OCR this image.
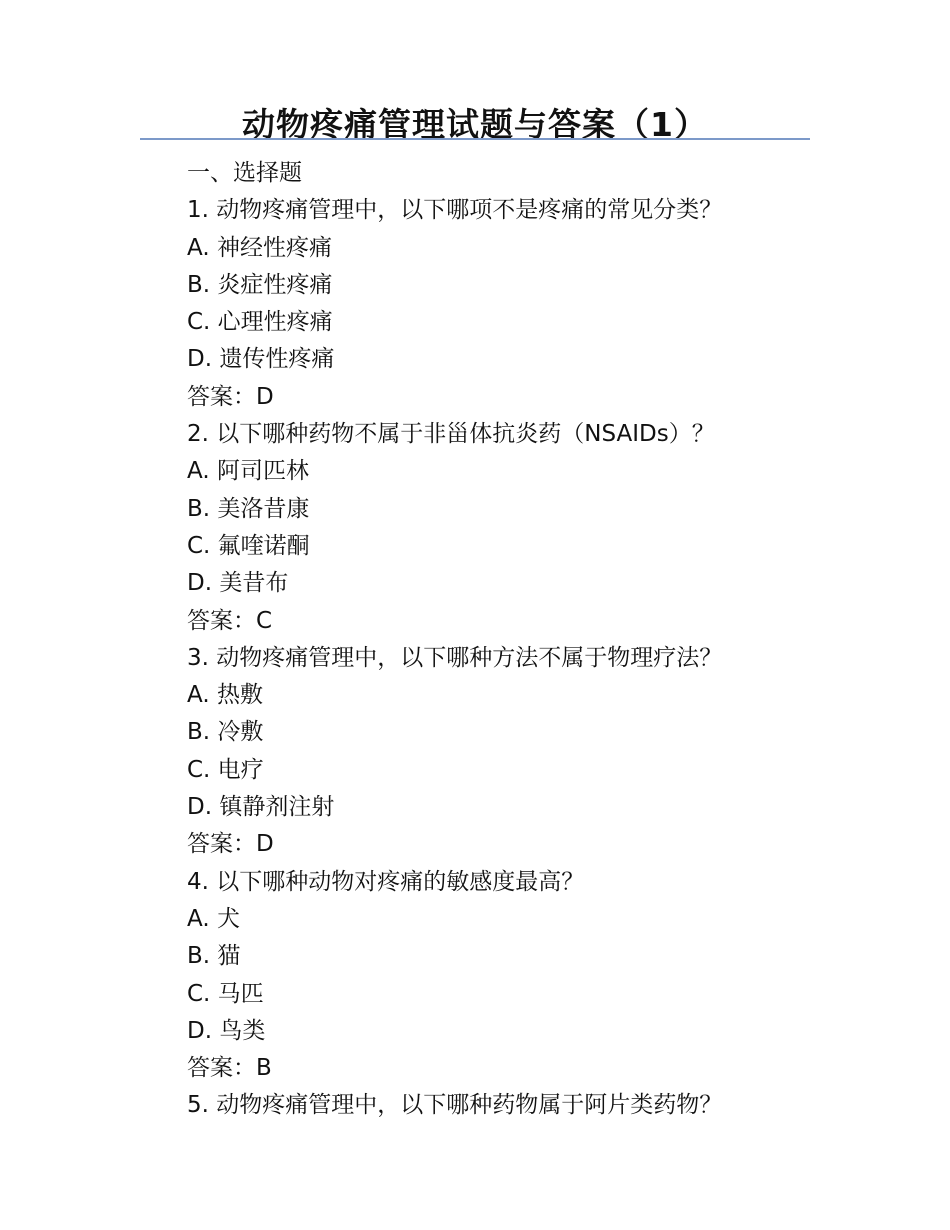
动物疼痛管理试题与答案（1）
一、选择题
1. 动物疼痛管理中，以下哪项不是疼痛的常见分类？
A. 神经性疼痛
B. 炎症性疼痛
C. 心理性疼痛
D. 遗传性疼痛
答案：D
2. 以下哪种药物不属于非甾体抗炎药（NSAIDs）？
A. 阿司匹林
B. 美洛昔康
C. 氟喹诺酮
D. 美昔布
答案：C
3. 动物疼痛管理中，以下哪种方法不属于物理疗法？
A. 热敷
B. 冷敷
C. 电疗
D. 镇静剂注射
答案：D
4. 以下哪种动物对疼痛的敏感度最高？
A. 犬
B. 猫
C. 马匹
D. 鸟类
答案：B
5. 动物疼痛管理中，以下哪种药物属于阿片类药物？
